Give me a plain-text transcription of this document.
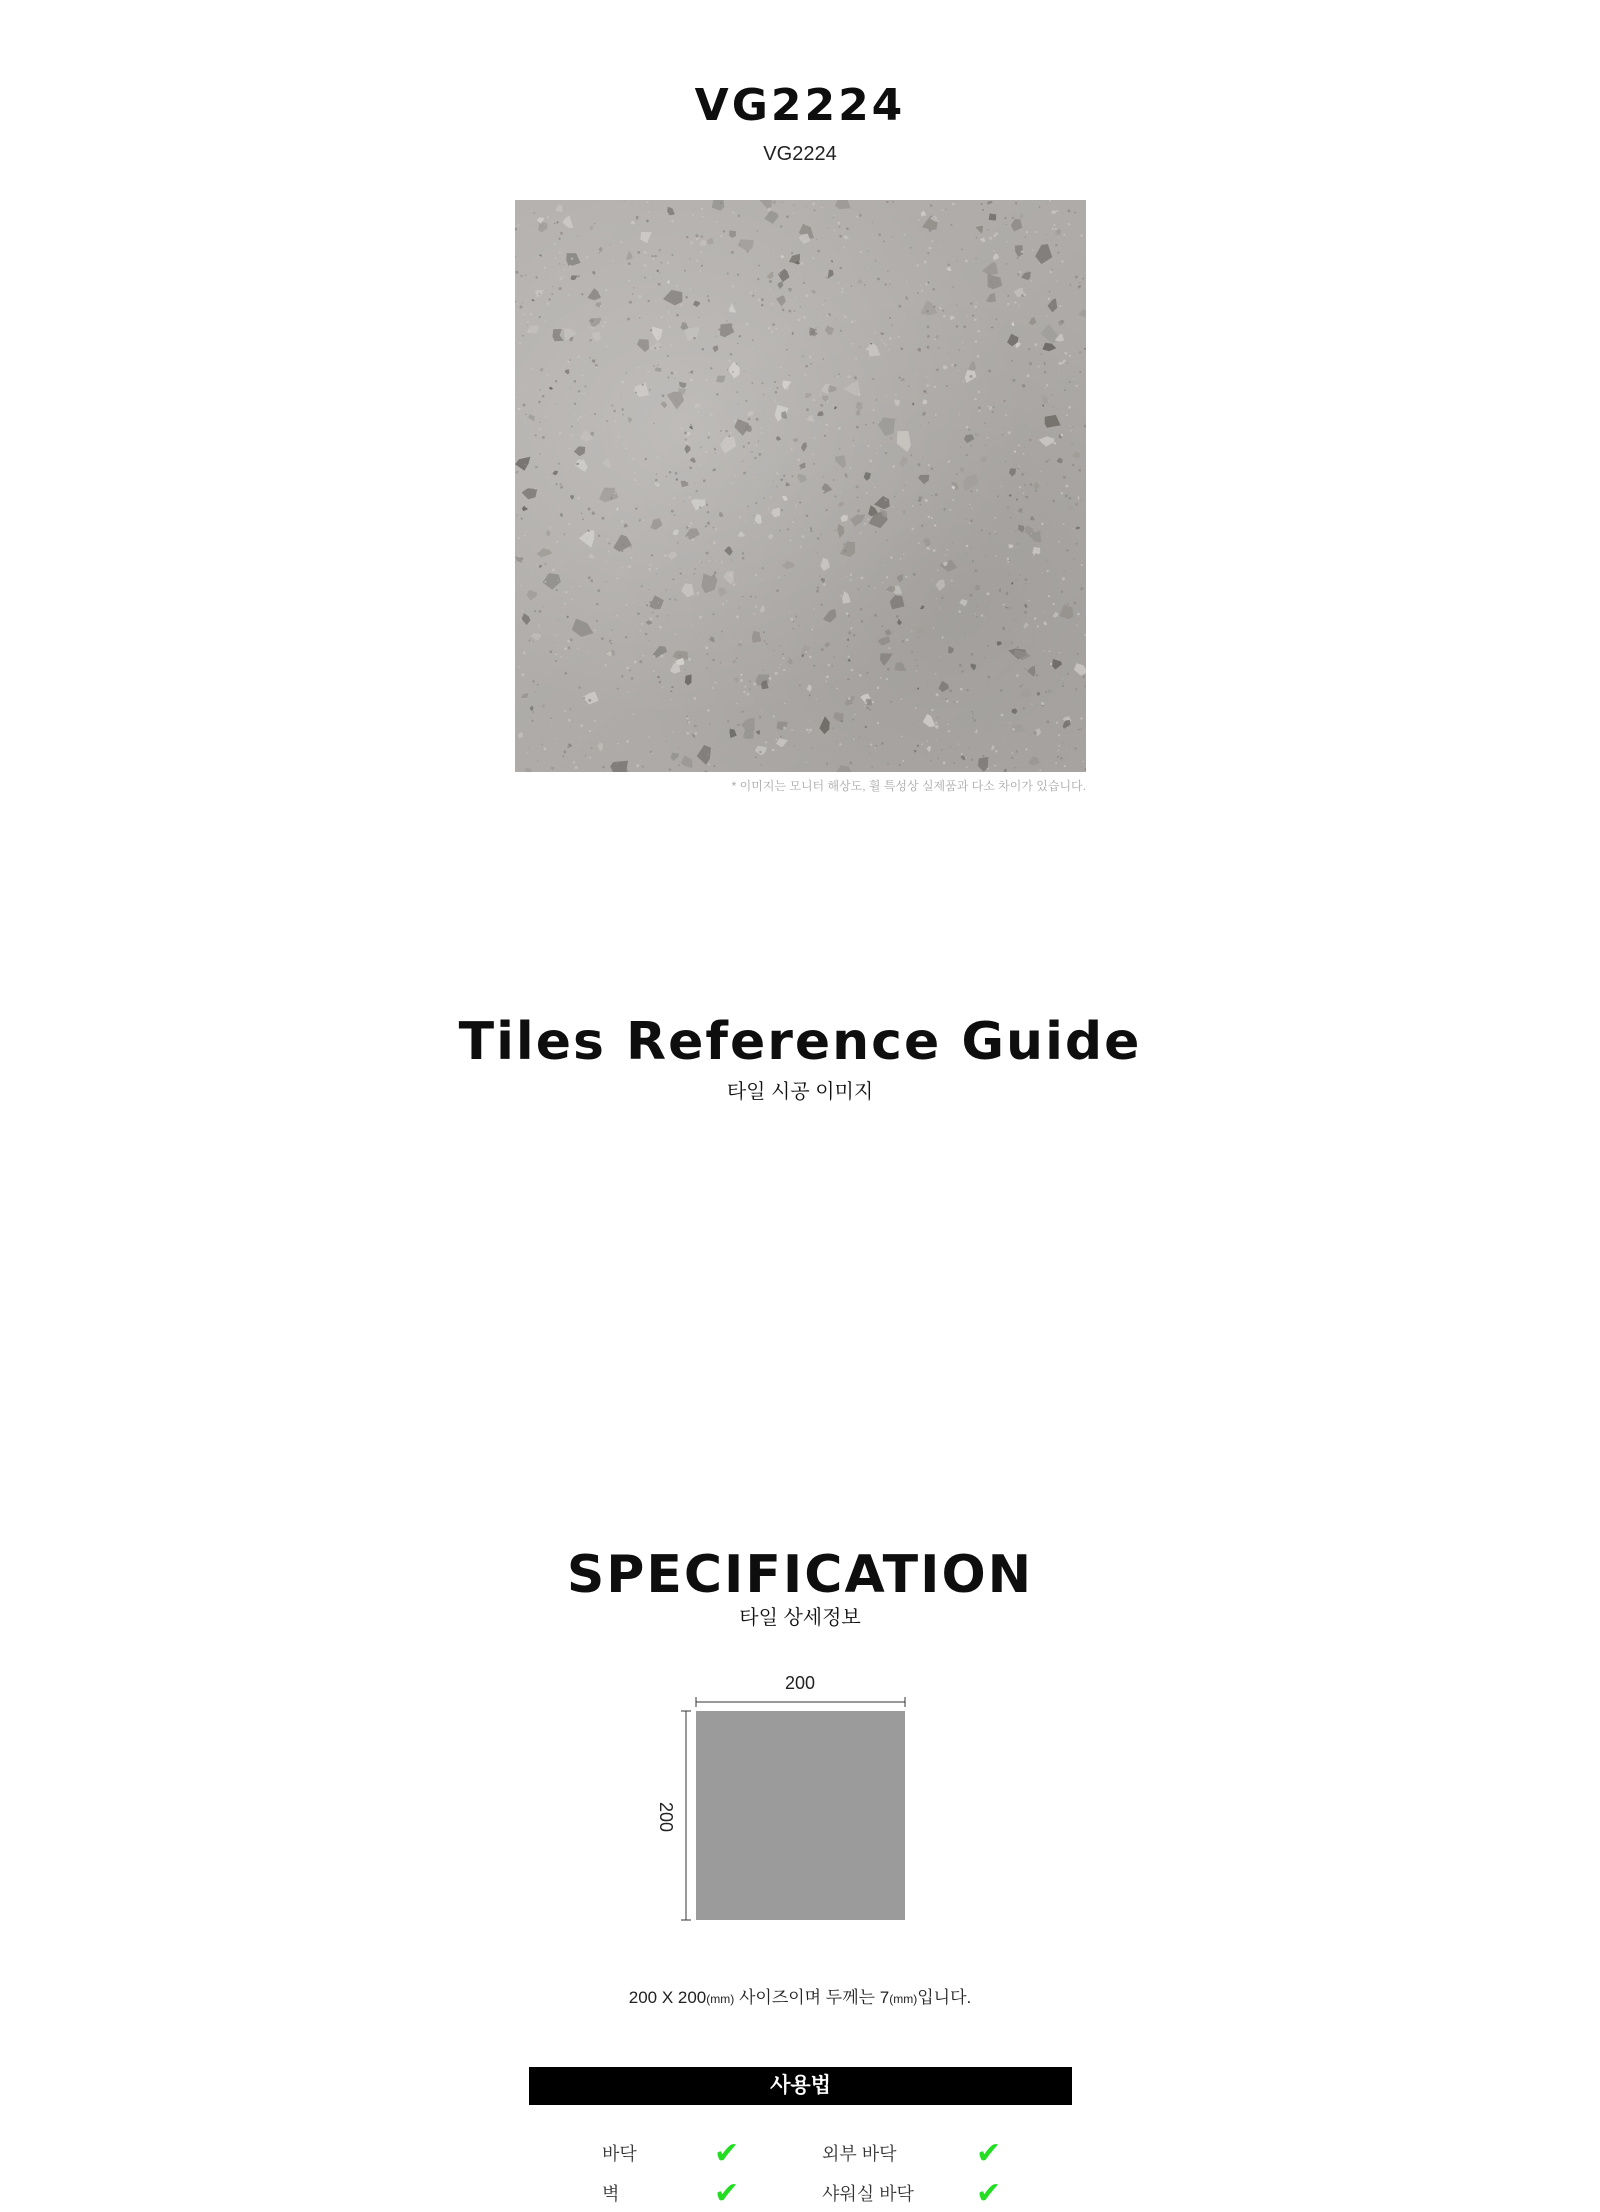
VG2224
VG2224
* 이미지는 모니터 해상도, 휠 특성상 실제품과 다소 차이가 있습니다.
Tiles Reference Guide
타일 시공 이미지
SPECIFICATION
타일 상세정보
200
200
200 X 200(mm) 사이즈이며 두께는 7(mm)입니다.
사용법
바닥	✔	외부 바닥	✔
벽	✔	샤워실 바닥 ✔
